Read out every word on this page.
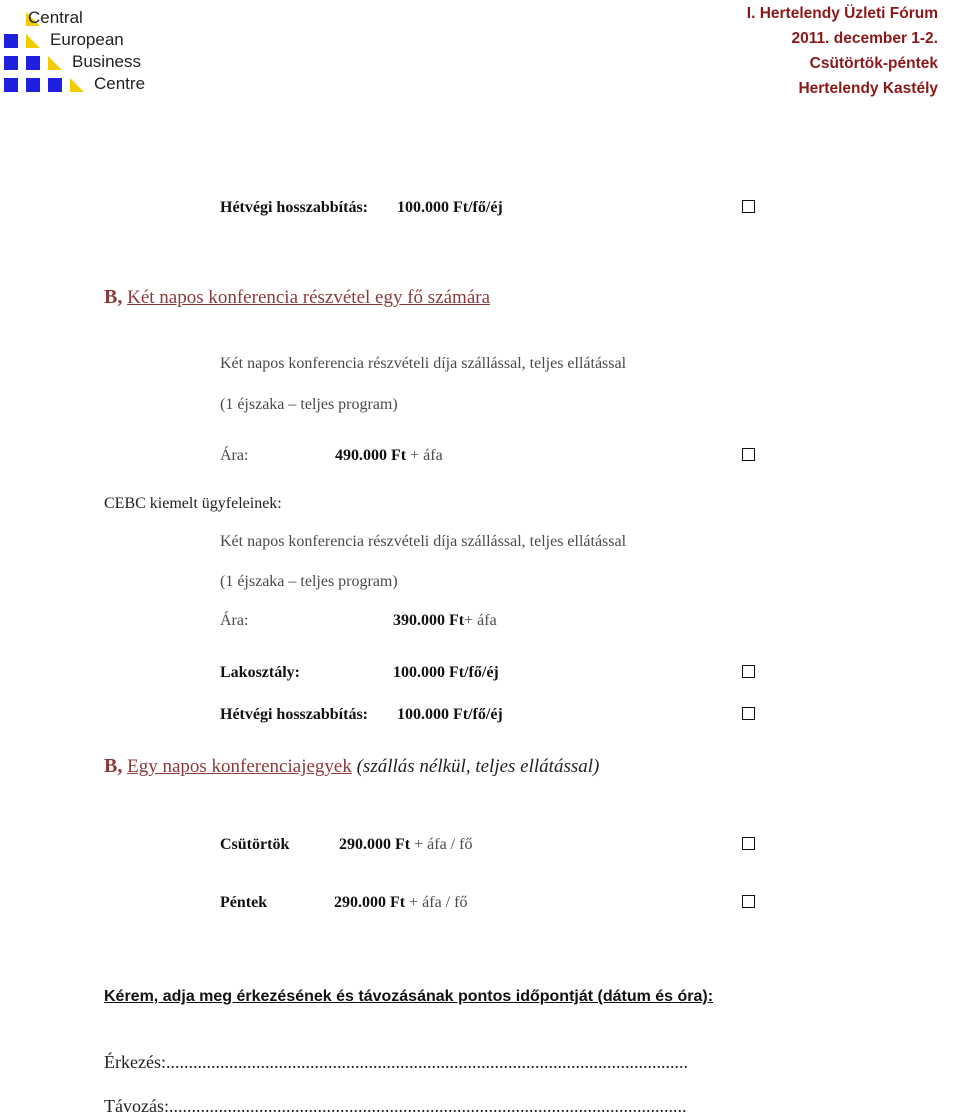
Central
European
Business
Centre
I. Hertelendy Üzleti Fórum
2011. december 1-2.
Csütörtök-péntek
Hertelendy Kastély
Hétvégi hosszabbítás: 100.000 Ft/fő/éj
B, Két napos konferencia részvétel egy fő számára
Két napos konferencia részvételi díja szállással, teljes ellátással
(1 éjszaka – teljes program)
Ára:	490.000 Ft + áfa
CEBC kiemelt ügyfeleinek:
Két napos konferencia részvételi díja szállással, teljes ellátással
(1 éjszaka – teljes program)
Ára:	390.000 Ft+ áfa
Lakosztály:	100.000 Ft/fő/éj
Hétvégi hosszabbítás: 100.000 Ft/fő/éj
B, Egy napos konferenciajegyek (szállás nélkül, teljes ellátással)
Csütörtök	290.000 Ft + áfa / fő
Péntek	290.000 Ft + áfa / fő
Kérem, adja meg érkezésének és távozásának pontos időpontját (dátum és óra):
Érkezés:....................................................................................................................
Távozás:...................................................................................................................
